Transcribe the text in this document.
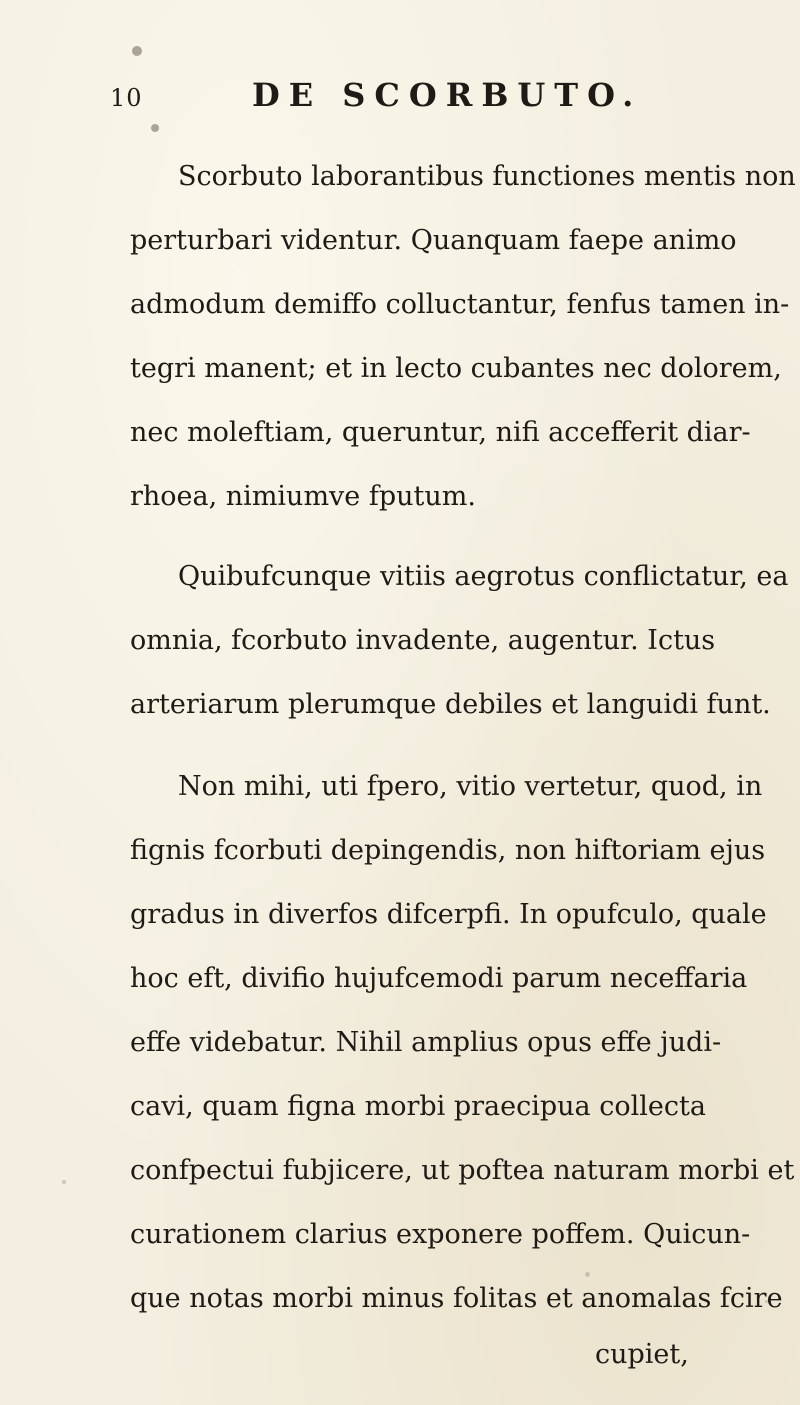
10	DE SCORBUTO.
Scorbuto laborantibus functiones mentis non
perturbari videntur. Quanquam faepe animo
admodum demiffo colluctantur, fenfus tamen in-
tegri manent; et in lecto cubantes nec dolorem,
nec moleftiam, queruntur, nifi accefferit diar-
rhoea, nimiumve fputum.
Quibufcunque vitiis aegrotus conflictatur, ea
omnia, fcorbuto invadente, augentur. Ictus
arteriarum plerumque debiles et languidi funt.
Non mihi, uti fpero, vitio vertetur, quod, in
fignis fcorbuti depingendis, non hiftoriam ejus
gradus in diverfos difcerpfi. In opufculo, quale
hoc eft, divifio hujufcemodi parum neceffaria
effe videbatur. Nihil amplius opus effe judi-
cavi, quam figna morbi praecipua collecta
confpectui fubjicere, ut poftea naturam morbi et
curationem clarius exponere poffem. Quicun-
que notas morbi minus folitas et anomalas fcire
cupiet,
